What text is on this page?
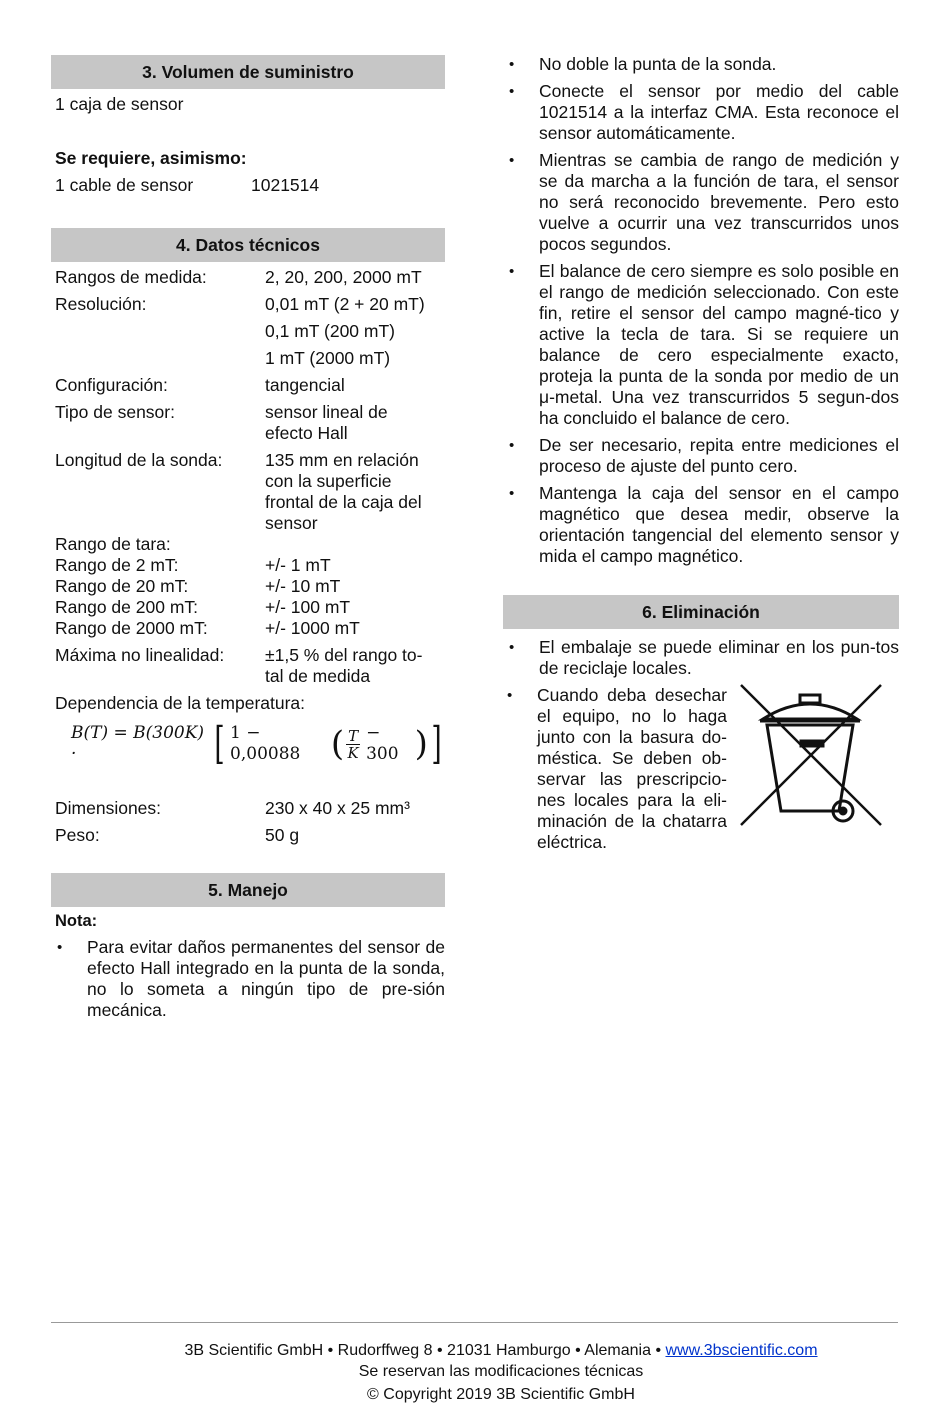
3. Volumen de suministro

1 caja de sensor

Se requiere, asimismo:

1 cable de sensor	1021514
4. Datos técnicos
Rangos de medida:	2, 20, 200, 2000 mT
Resolución:	0,01 mT (2 + 20 mT)
0,1 mT (200 mT)
1 mT (2000 mT)
Configuración:	tangencial
Tipo de sensor:	sensor lineal de efecto Hall
Longitud de la sonda:	135 mm en relación con la superficie frontal de la caja del sensor

Rango de tara:

Rango de 2 mT:	+/- 1 mT
Rango de 20 mT:	+/- 10 mT
Rango de 200 mT:	+/- 100 mT
Rango de 2000 mT:	+/- 1000 mT
Máxima no linealidad:	±1,5 % del rango to-tal de medida

Dependencia de la temperatura:

B(T) = B(300K) ·	[ 1 − 0,00088 ( $\frac{T}{K} - 300$ ) ]
Dimensiones:	230 x 40 x 25 mm³
Peso:	50 g
5. Manejo

Nota:

• Para evitar daños permanentes del sensor de efecto Hall integrado en la punta de la sonda, no lo someta a ningún tipo de pre-sión mecánica.
• No doble la punta de la sonda.
• Conecte el sensor por medio del cable 1021514 a la interfaz CMA. Esta reconoce el sensor automáticamente.
• Mientras se cambia de rango de medición y se da marcha a la función de tara, el sensor no será reconocido brevemente. Pero esto vuelve a ocurrir una vez transcurridos unos pocos segundos.
• El balance de cero siempre es solo posible en el rango de medición seleccionado. Con este fin, retire el sensor del campo magné-tico y active la tecla de tara. Si se requiere un balance de cero especialmente exacto, proteja la punta de la sonda por medio de un μ-metal. Una vez transcurridos 5 segun-dos ha concluido el balance de cero.
• De ser necesario, repita entre mediciones el proceso de ajuste del punto cero.
• Mantenga la caja del sensor en el campo magnético que desea medir, observe la orientación tangencial del elemento sensor y mida el campo magnético.
6. Eliminación
• El embalaje se puede eliminar en los pun-tos de reciclaje locales.
• Cuando deba desechar el equipo, no lo haga junto con la basura do-méstica. Se deben ob-servar las prescripcio-nes locales para la eli-minación de la chatarra eléctrica.
3B Scientific GmbH • Rudorffweg 8 • 21031 Hamburgo • Alemania • www.3bscientific.com
Se reservan las modificaciones técnicas
© Copyright 2019 3B Scientific GmbH
